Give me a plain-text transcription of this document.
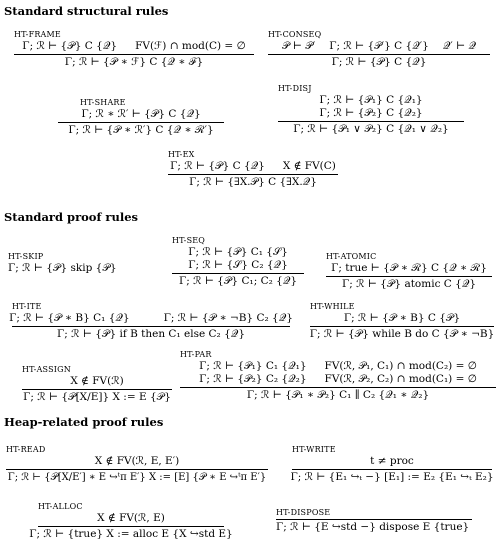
Standard structural rules
Standard proof rules
Heap-related proof rules
HT-FRAME
Γ; ℛ ⊢ {𝒫} C {𝒬} FV(ℱ) ∩ mod(C) = ∅
Γ; ℛ ⊢ {𝒫 ∗ ℱ} C {𝒬 ∗ ℱ}
HT-CONSEQ
𝒫 ⊢ 𝒫′ Γ; ℛ ⊢ {𝒫′} C {𝒬′} 𝒬′ ⊢ 𝒬
Γ; ℛ ⊢ {𝒫} C {𝒬}
HT-SHARE
Γ; ℛ ∗ ℛ′ ⊢ {𝒫} C {𝒬}
Γ; ℛ ⊢ {𝒫 ∗ ℛ′} C {𝒬 ∗ ℛ′}
HT-DISJ
Γ; ℛ ⊢ {𝒫₁} C {𝒬₁}
Γ; ℛ ⊢ {𝒫₂} C {𝒬₂}
Γ; ℛ ⊢ {𝒫₁ ∨ 𝒫₂} C {𝒬₁ ∨ 𝒬₂}
HT-EX
Γ; ℛ ⊢ {𝒫} C {𝒬} X ∉ FV(C)
Γ; ℛ ⊢ {∃X.𝒫} C {∃X.𝒬}
HT-SKIP
Γ; ℛ ⊢ {𝒫} skip {𝒫}
HT-SEQ
Γ; ℛ ⊢ {𝒫} C₁ {𝒮}
Γ; ℛ ⊢ {𝒮} C₂ {𝒬}
Γ; ℛ ⊢ {𝒫} C₁; C₂ {𝒬}
HT-ATOMIC
Γ; true ⊢ {𝒫 ∗ ℛ} C {𝒬 ∗ ℛ}
Γ; ℛ ⊢ {𝒫} atomic C {𝒬}
HT-ITE
Γ; ℛ ⊢ {𝒫 ∗ B} C₁ {𝒬}	Γ; ℛ ⊢ {𝒫 ∗ ¬B} C₂ {𝒬}
Γ; ℛ ⊢ {𝒫} if B then C₁ else C₂ {𝒬}
HT-WHILE
Γ; ℛ ⊢ {𝒫 ∗ B} C {𝒫}
Γ; ℛ ⊢ {𝒫} while B do C {𝒫 ∗ ¬B}
HT-ASSIGN
X ∉ FV(ℛ)
Γ; ℛ ⊢ {𝒫[X/E]} X := E {𝒫}
HT-PAR
Γ; ℛ ⊢ {𝒫₁} C₁ {𝒬₁}
Γ; ℛ ⊢ {𝒫₂} C₂ {𝒬₂}
FV(ℛ, 𝒫₁, C₁) ∩ mod(C₂) = ∅
FV(ℛ, 𝒫₂, C₂) ∩ mod(C₁) = ∅
Γ; ℛ ⊢ {𝒫₁ ∗ 𝒫₂} C₁ ∥ C₂ {𝒬₁ ∗ 𝒬₂}
HT-READ
X ∉ FV(ℛ, E, E′)
Γ; ℛ ⊢ {𝒫[X/E′] ∗ E ↪ᵗπ E′} X := [E] {𝒫 ∗ E ↪ᵗπ E′}
HT-WRITE
t ≠ proc
Γ; ℛ ⊢ {E₁ ↪ₜ −} [E₁] := E₂ {E₁ ↪ₜ E₂}
HT-ALLOC
X ∉ FV(ℛ, E)
Γ; ℛ ⊢ {true} X := alloc E {X ↪std E}
HT-DISPOSE
Γ; ℛ ⊢ {E ↪std −} dispose E {true}
